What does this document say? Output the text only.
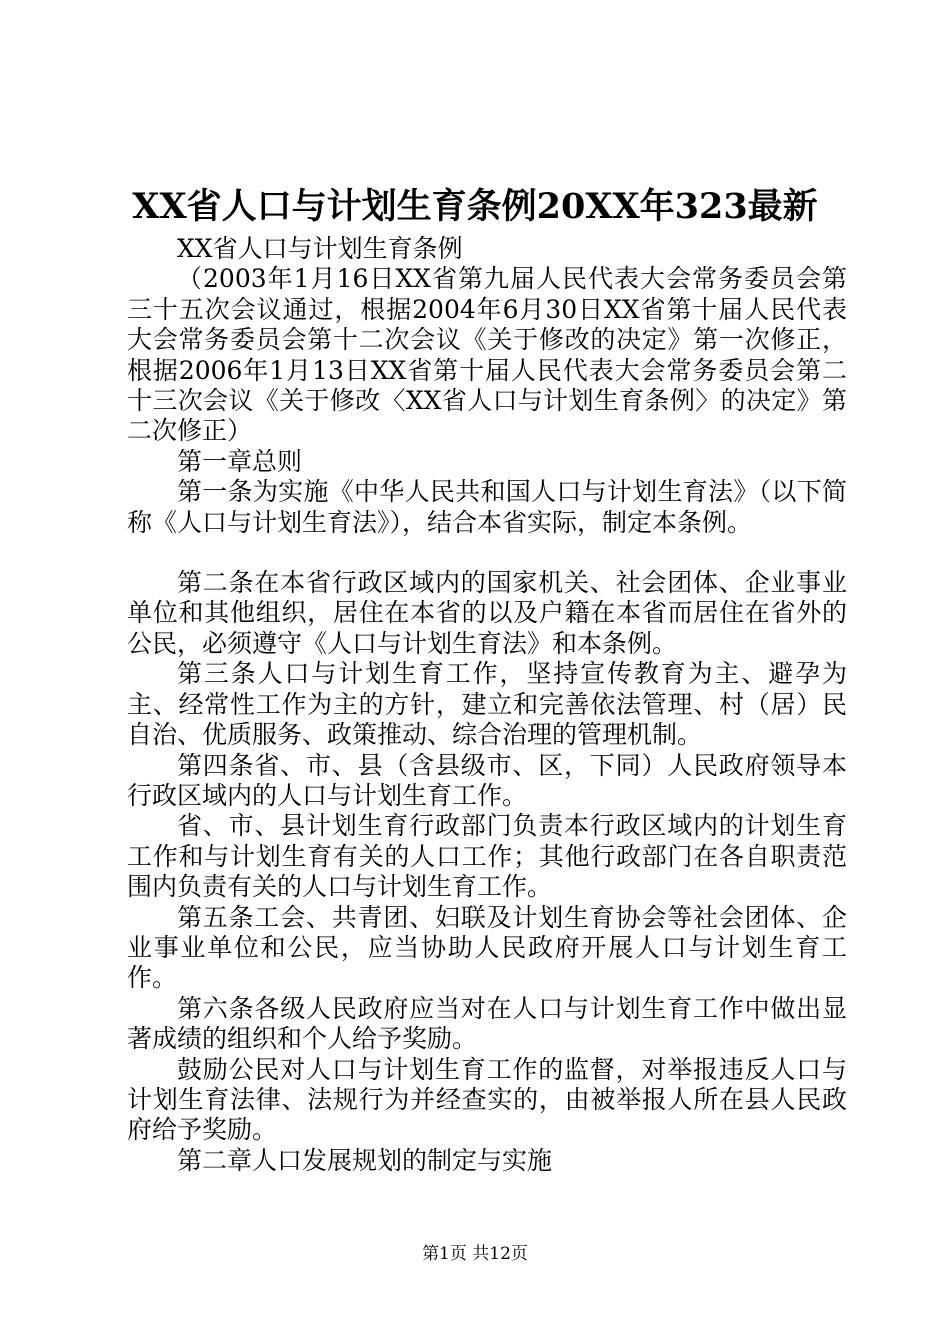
XX省人口与计划生育条例20XX年323最新

XX省人口与计划生育条例

（2003年1月16日XX省第九届人民代表大会常务委员会第三十五次会议通过，根据2004年6月30日XX省第十届人民代表大会常务委员会第十二次会议《关于修改的决定》第一次修正，根据2006年1月13日XX省第十届人民代表大会常务委员会第二十三次会议《关于修改〈XX省人口与计划生育条例〉的决定》第二次修正）

第一章总则

第一条为实施《中华人民共和国人口与计划生育法》（以下简称《人口与计划生育法》），结合本省实际，制定本条例。

第二条在本省行政区域内的国家机关、社会团体、企业事业单位和其他组织，居住在本省的以及户籍在本省而居住在省外的公民，必须遵守《人口与计划生育法》和本条例。

第三条人口与计划生育工作，坚持宣传教育为主、避孕为主、经常性工作为主的方针，建立和完善依法管理、村（居）民自治、优质服务、政策推动、综合治理的管理机制。

第四条省、市、县（含县级市、区，下同）人民政府领导本行政区域内的人口与计划生育工作。

省、市、县计划生育行政部门负责本行政区域内的计划生育工作和与计划生育有关的人口工作；其他行政部门在各自职责范围内负责有关的人口与计划生育工作。

第五条工会、共青团、妇联及计划生育协会等社会团体、企业事业单位和公民，应当协助人民政府开展人口与计划生育工作。

第六条各级人民政府应当对在人口与计划生育工作中做出显著成绩的组织和个人给予奖励。

鼓励公民对人口与计划生育工作的监督，对举报违反人口与计划生育法律、法规行为并经查实的，由被举报人所在县人民政府给予奖励。

第二章人口发展规划的制定与实施

第1页 共12页
